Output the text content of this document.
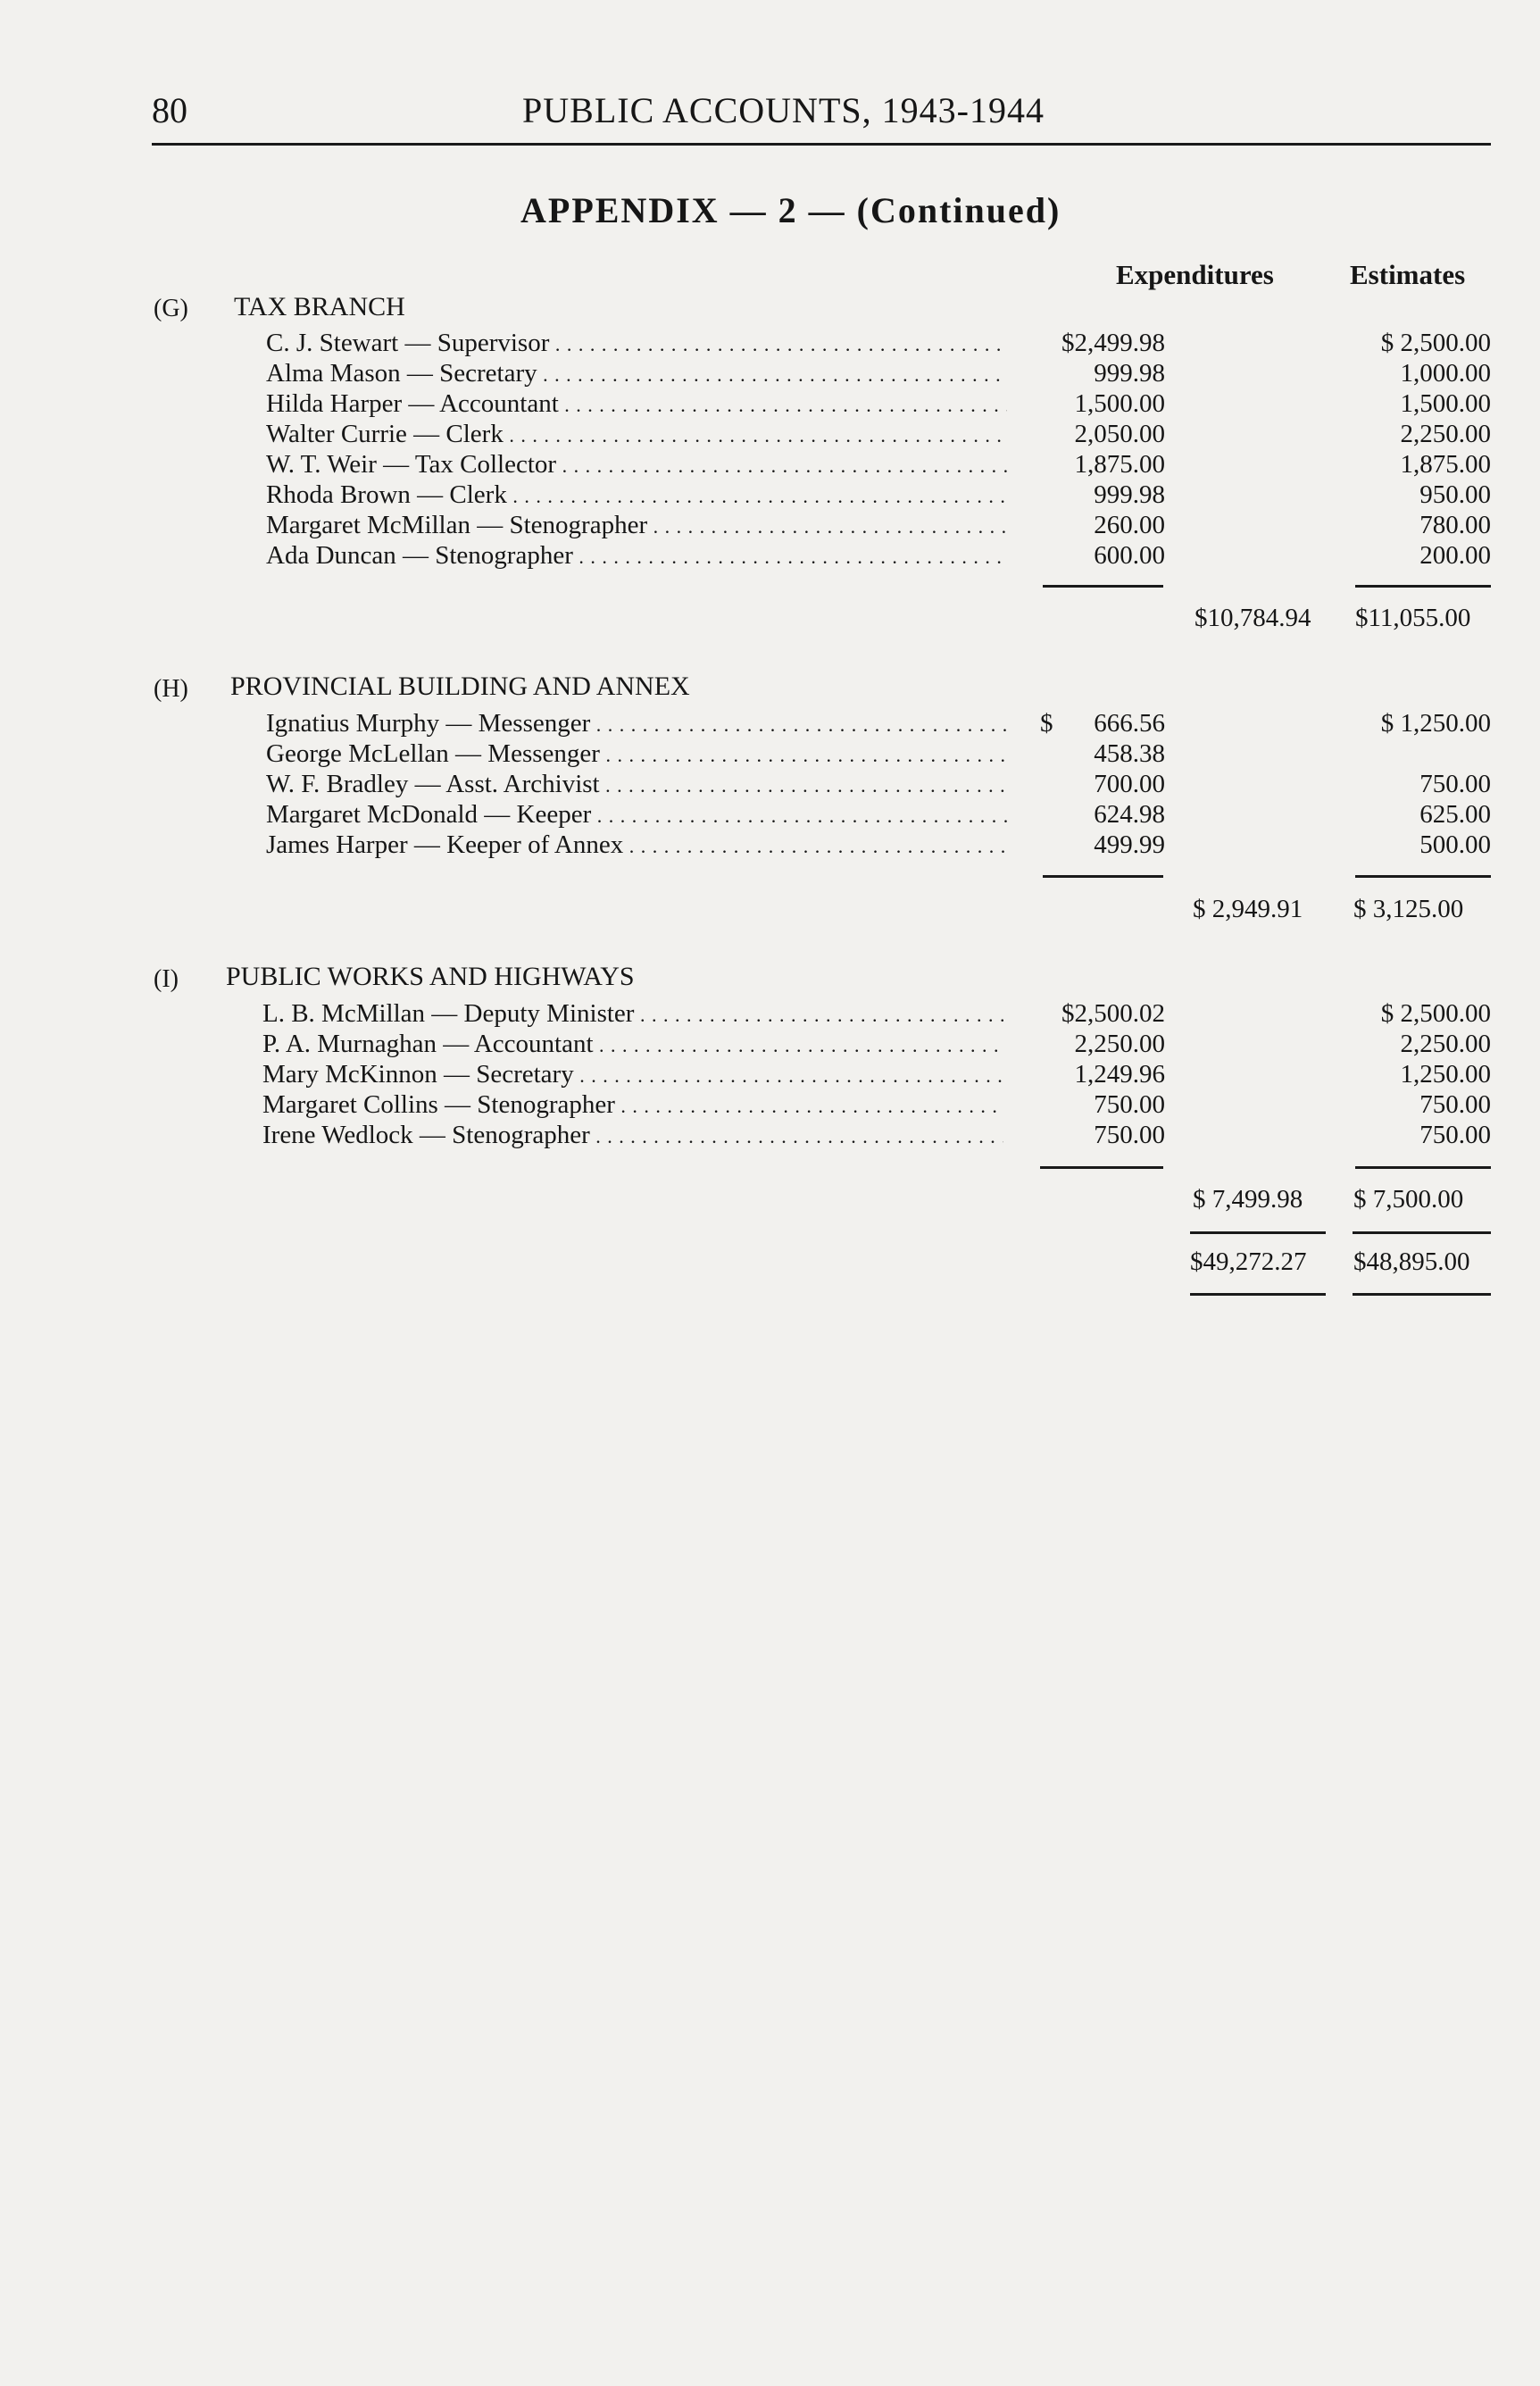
80	PUBLIC ACCOUNTS, 1943-1944
APPENDIX — 2 — (Continued)
Expenditures	Estimates
(G) TAX BRANCH
C. J. Stewart — Supervisor . . .	$2,499.98	$ 2,500.00
Alma Mason — Secretary . . .	999.98	1,000.00
Hilda Harper — Accountant . . .	1,500.00	1,500.00
Walter Currie — Clerk . . .	2,050.00	2,250.00
W. T. Weir — Tax Collector . . .	1,875.00	1,875.00
Rhoda Brown — Clerk . . .	999.98	950.00
Margaret McMillan — Stenographer . . .	260.00	780.00
Ada Duncan — Stenographer . . .	600.00	200.00
$10,784.94 $11,055.00
(H) PROVINCIAL BUILDING AND ANNEX
Ignatius Murphy — Messenger . . .	$	666.56	$ 1,250.00
George McLellan — Messenger . . .	458.38
W. F. Bradley — Asst. Archivist . . .	700.00	750.00
Margaret McDonald — Keeper . . .	624.98	625.00
James Harper — Keeper of Annex . . .	499.99	500.00
$ 2,949.91 $ 3,125.00
(I) PUBLIC WORKS AND HIGHWAYS
L. B. McMillan — Deputy Minister . . .	$2,500.02	$ 2,500.00
P. A. Murnaghan — Accountant . . .	2,250.00	2,250.00
Mary McKinnon — Secretary . . .	1,249.96	1,250.00
Margaret Collins — Stenographer . . .	750.00	750.00
Irene Wedlock — Stenographer . . .	750.00	750.00
$ 7,499.98 $ 7,500.00
$49,272.27 $48,895.00
